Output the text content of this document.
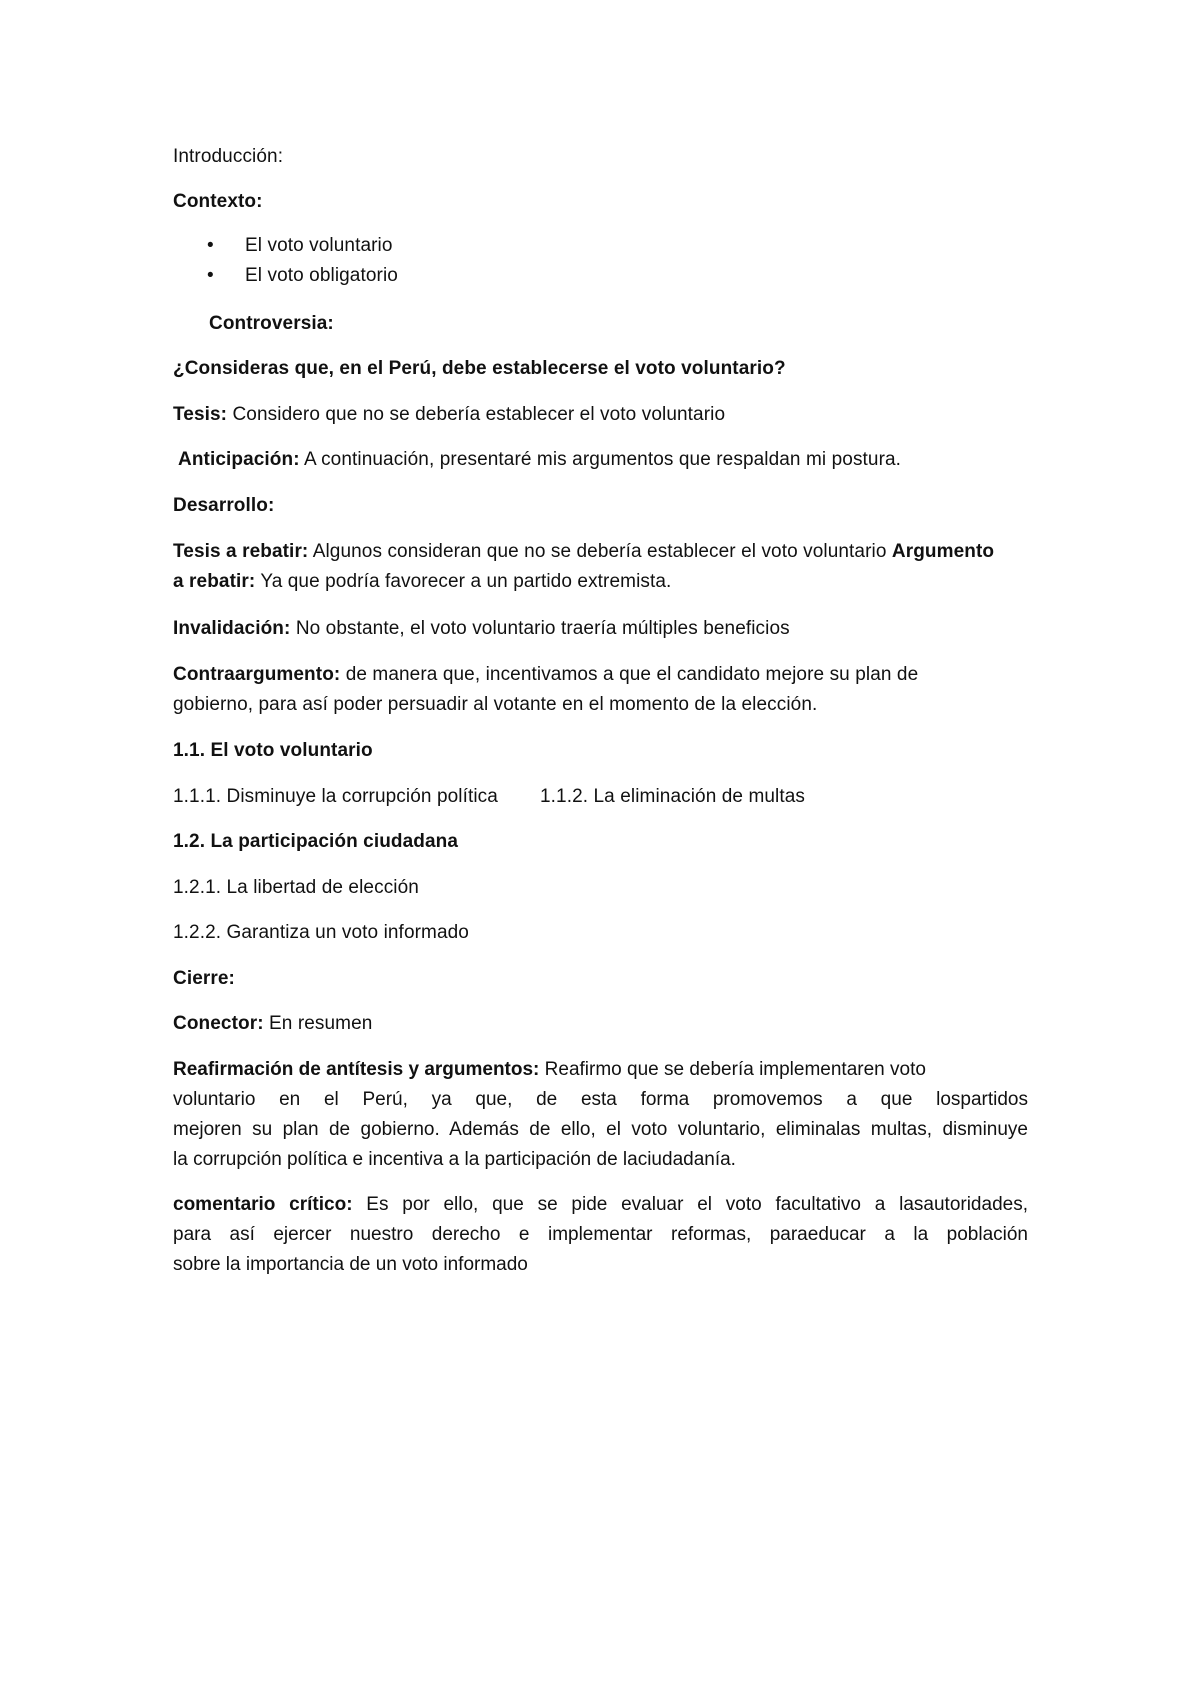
Introducción:
Contexto:
• El voto voluntario
• El voto obligatorio
Controversia:
¿Consideras que, en el Perú, debe establecerse el voto voluntario?
Tesis: Considero que no se debería establecer el voto voluntario
Anticipación: A continuación, presentaré mis argumentos que respaldan mi postura.
Desarrollo:
Tesis a rebatir: Algunos consideran que no se debería establecer el voto voluntario Argumento
a rebatir: Ya que podría favorecer a un partido extremista.
Invalidación: No obstante, el voto voluntario traería múltiples beneficios
Contraargumento: de manera que, incentivamos a que el candidato mejore su plan de
gobierno, para así poder persuadir al votante en el momento de la elección.
1.1. El voto voluntario
1.1.1. Disminuye la corrupción política 1.1.2. La eliminación de multas
1.2. La participación ciudadana
1.2.1. La libertad de elección
1.2.2. Garantiza un voto informado
Cierre:
Conector: En resumen
Reafirmación de antítesis y argumentos: Reafirmo que se debería implementaren voto
voluntario en el Perú, ya que, de esta forma promovemos a que lospartidos
mejoren su plan de gobierno. Además de ello, el voto voluntario, eliminalas multas, disminuye
la corrupción política e incentiva a la participación de laciudadanía.
comentario crítico: Es por ello, que se pide evaluar el voto facultativo a lasautoridades,
para así ejercer nuestro derecho e implementar reformas, paraeducar a la población
sobre la importancia de un voto informado
